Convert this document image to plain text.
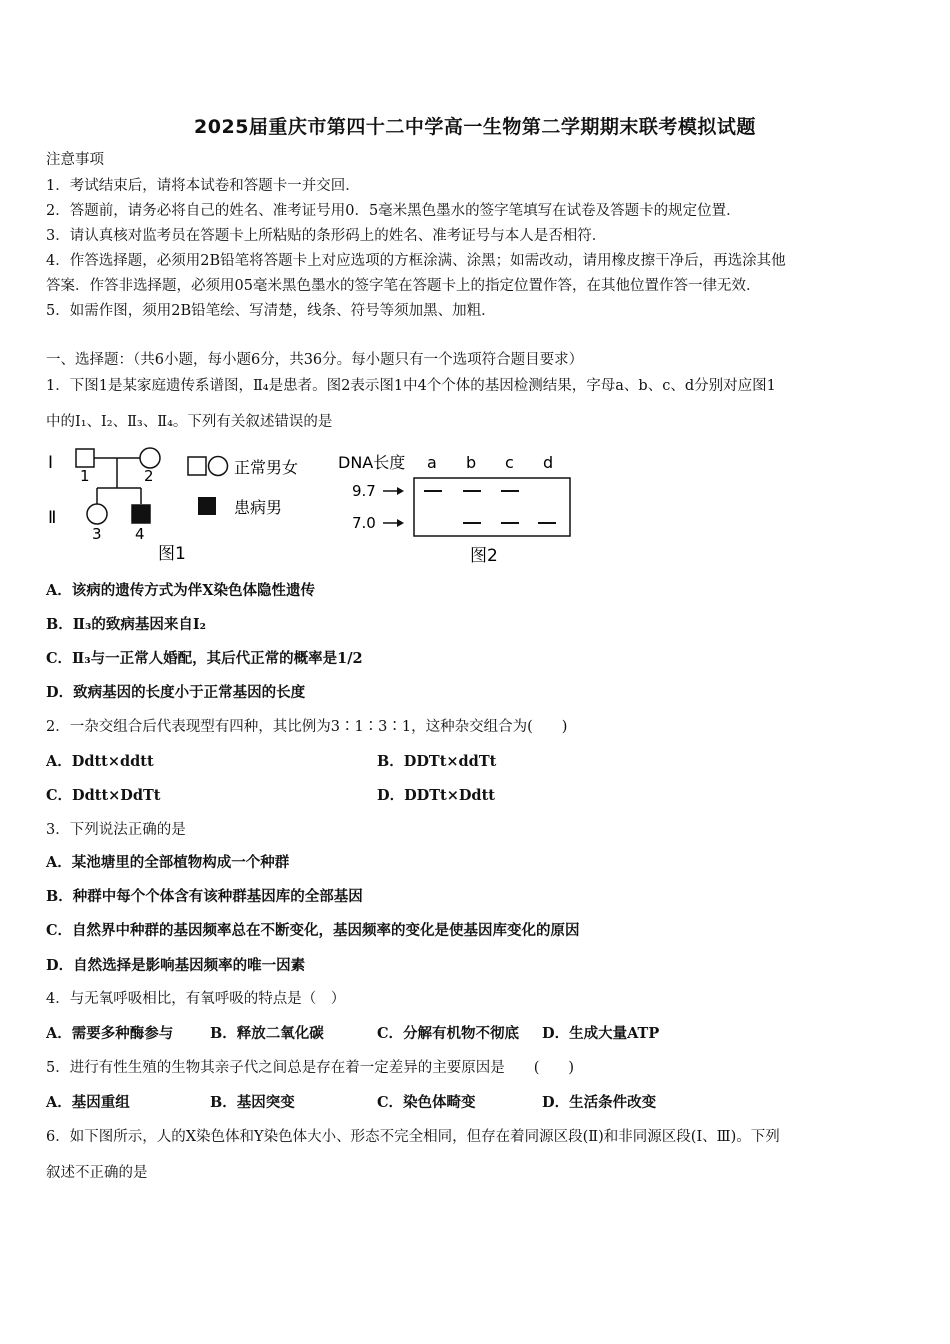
2025届重庆市第四十二中学高一生物第二学期期末联考模拟试题
注意事项
1．考试结束后，请将本试卷和答题卡一并交回．
2．答题前，请务必将自己的姓名、准考证号用0．5毫米黑色墨水的签字笔填写在试卷及答题卡的规定位置．
3．请认真核对监考员在答题卡上所粘贴的条形码上的姓名、准考证号与本人是否相符．
4．作答选择题，必须用2B铅笔将答题卡上对应选项的方框涂满、涂黑；如需改动，请用橡皮擦干净后，再选涂其他
答案．作答非选择题，必须用05毫米黑色墨水的签字笔在答题卡上的指定位置作答，在其他位置作答一律无效．
5．如需作图，须用2B铅笔绘、写清楚，线条、符号等须加黑、加粗．
一、选择题：（共6小题，每小题6分，共36分。每小题只有一个选项符合题目要求）
1．下图1是某家庭遗传系谱图，Ⅱ₄是患者。图2表示图1中4个个体的基因检测结果，字母a、b、c、d分别对应图1
中的Ⅰ₁、Ⅰ₂、Ⅱ₃、Ⅱ₄。下列有关叙述错误的是
Ⅰ
Ⅱ
1	2
3 4
正常男女
患病男
图1
DNA长度 a b c d
9.7
7.0
图2
A．该病的遗传方式为伴X染色体隐性遗传
B．Ⅱ₃的致病基因来自Ⅰ₂
C．Ⅱ₃与一正常人婚配，其后代正常的概率是1/2
D．致病基因的长度小于正常基因的长度
2．一杂交组合后代表现型有四种，其比例为3∶1∶3∶1，这种杂交组合为(　　)
A．Ddtt×ddtt	B．DDTt×ddTt
C．Ddtt×DdTt	D．DDTt×Ddtt
3．下列说法正确的是
A．某池塘里的全部植物构成一个种群
B．种群中每个个体含有该种群基因库的全部基因
C．自然界中种群的基因频率总在不断变化，基因频率的变化是使基因库变化的原因
D．自然选择是影响基因频率的唯一因素
4．与无氧呼吸相比，有氧呼吸的特点是（　）
A．需要多种酶参与	B．释放二氧化碳	C．分解有机物不彻底 D．生成大量ATP
5．进行有性生殖的生物其亲子代之间总是存在着一定差异的主要原因是　　(　　)
A．基因重组	B．基因突变	C．染色体畸变	D．生活条件改变
6．如下图所示，人的X染色体和Y染色体大小、形态不完全相同，但存在着同源区段(Ⅱ)和非同源区段(Ⅰ、Ⅲ)。下列
叙述不正确的是
